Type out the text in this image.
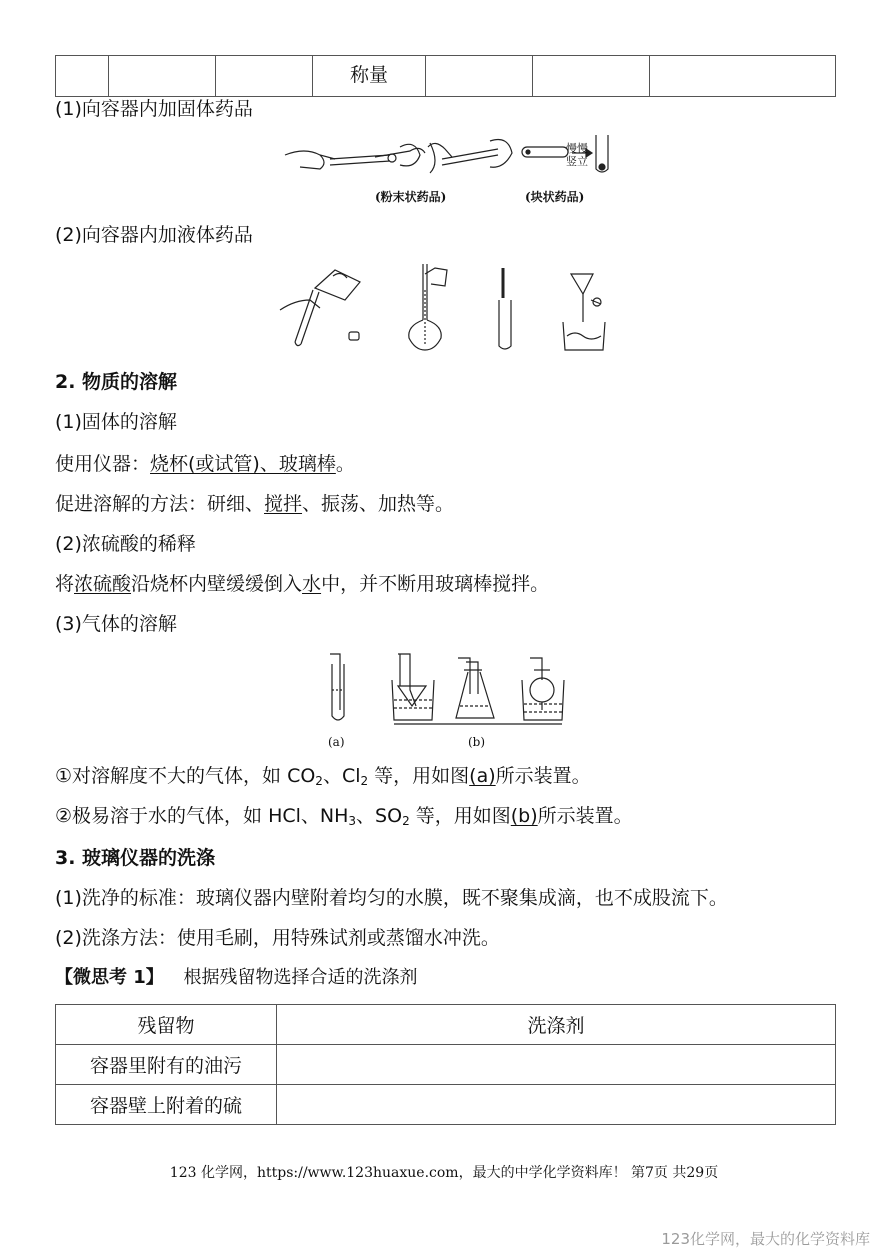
			称量			
(1)向容器内加固体药品
慢慢
竖立
(粉末状药品)	(块状药品)
(2)向容器内加液体药品
2. 物质的溶解
(1)固体的溶解
使用仪器：烧杯(或试管)、玻璃棒。
促进溶解的方法：研细、搅拌、振荡、加热等。
(2)浓硫酸的稀释
将浓硫酸沿烧杯内壁缓缓倒入水中，并不断用玻璃棒搅拌。
(3)气体的溶解
(a)	(b)
①对溶解度不大的气体，如 $CO_2$、$Cl_2$ 等，用如图(a)所示装置。
②极易溶于水的气体，如 HCl、$NH_3$、$SO_2$ 等，用如图(b)所示装置。
3. 玻璃仪器的洗涤
(1)洗净的标准：玻璃仪器内壁附着均匀的水膜，既不聚集成滴，也不成股流下。
(2)洗涤方法：使用毛刷，用特殊试剂或蒸馏水冲洗。
【微思考 1】 根据残留物选择合适的洗涤剂
残留物	洗涤剂
容器里附有的油污	
容器壁上附着的硫	
123 化学网，https://www.123huaxue.com，最大的中学化学资料库！ 第7页 共29页
123化学网，最大的化学资料库
